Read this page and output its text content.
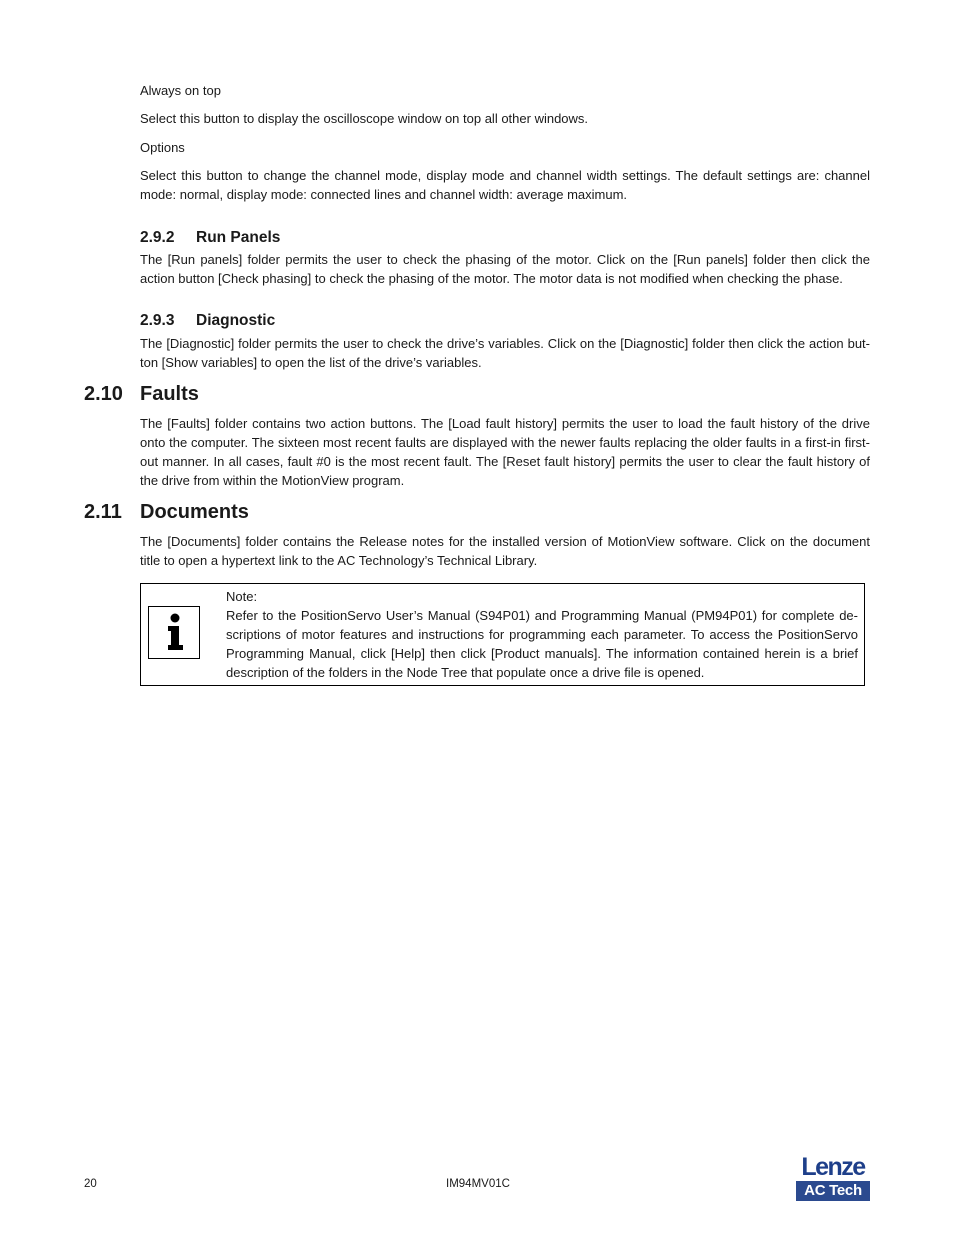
Always on top
Select this button to display the oscilloscope window on top all other windows.
Options
Select this button to change the channel mode, display mode and channel width settings. The default settings are: channel mode: normal, display mode: connected lines and channel width: average maximum.
2.9.2 Run Panels
The [Run panels] folder permits the user to check the phasing of the motor. Click on the [Run panels] folder then click the action button [Check phasing] to check the phasing of the motor. The motor data is not modified when checking the phase.
2.9.3 Diagnostic
The [Diagnostic] folder permits the user to check the drive’s variables. Click on the [Diagnostic] folder then click the action but-ton [Show variables] to open the list of the drive’s variables.
2.10 Faults
The [Faults] folder contains two action buttons. The [Load fault history] permits the user to load the fault history of the drive onto the computer. The sixteen most recent faults are displayed with the newer faults replacing the older faults in a first-in first-out manner. In all cases, fault #0 is the most recent fault. The [Reset fault history] permits the user to clear the fault history of the drive from within the MotionView program.
2.11 Documents
The [Documents] folder contains the Release notes for the installed version of MotionView software. Click on the document title to open a hypertext link to the AC Technology’s Technical Library.
Note:
Refer to the PositionServo User’s Manual (S94P01) and Programming Manual (PM94P01) for complete de-scriptions of motor features and instructions for programming each parameter. To access the PositionServo Programming Manual, click [Help] then click [Product manuals]. The information contained herein is a brief description of the folders in the Node Tree that populate once a drive file is opened.
20	IM94MV01C
Lenze
AC Tech
